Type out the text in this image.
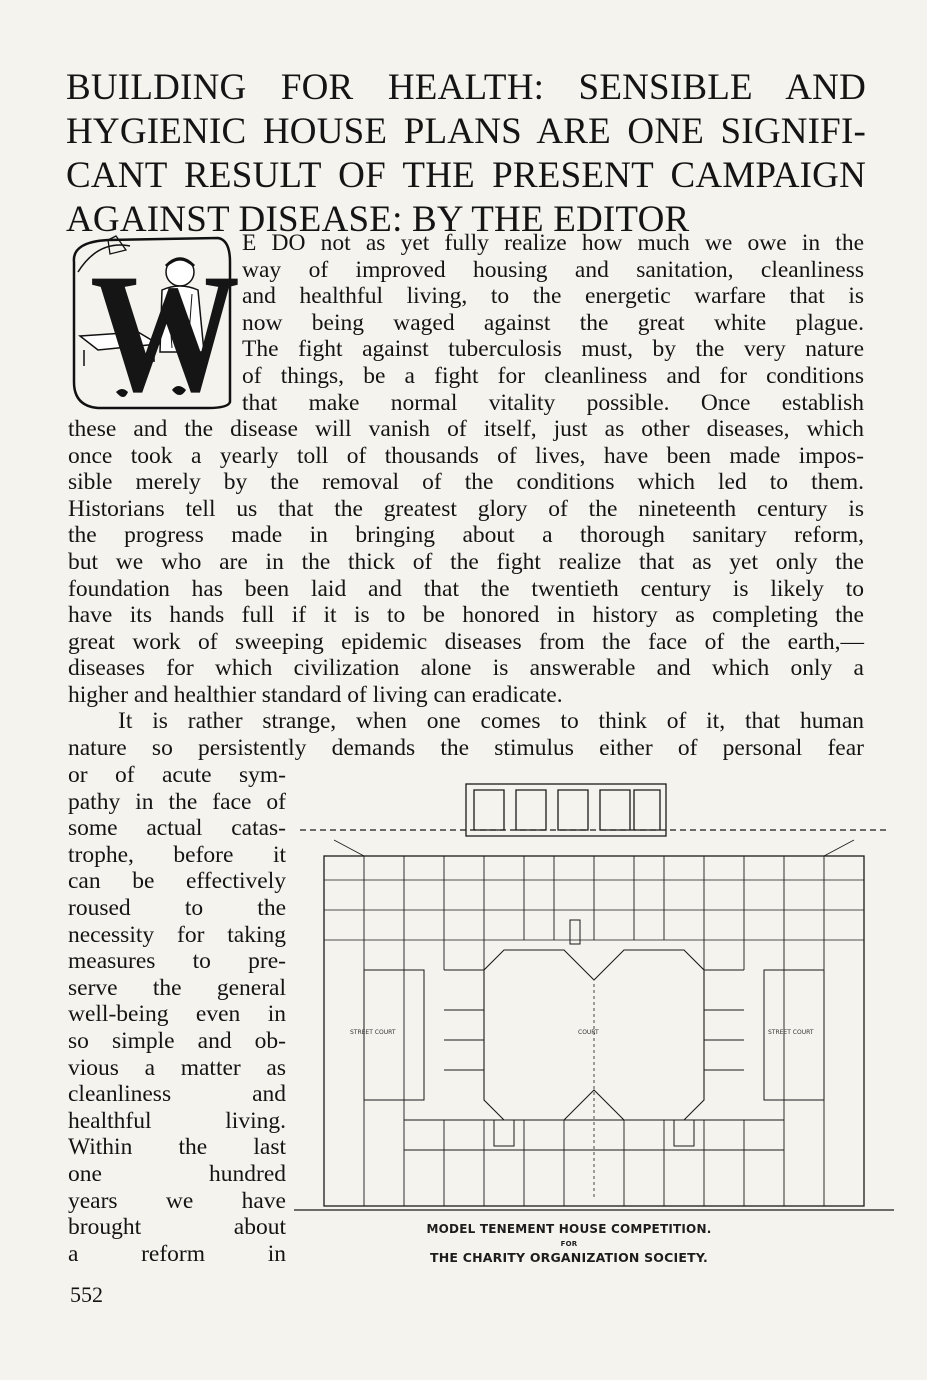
BUILDING FOR HEALTH: SENSIBLE AND
HYGIENIC HOUSE PLANS ARE ONE SIGNIFI-
CANT RESULT OF THE PRESENT CAMPAIGN
AGAINST DISEASE: BY THE EDITOR
W E DO not as yet fully realize how much we owe in the
way of improved housing and sanitation, cleanliness
and healthful living, to the energetic warfare that is
now being waged against the great white plague.
The fight against tuberculosis must, by the very nature
of things, be a fight for cleanliness and for conditions
that make normal vitality possible. Once establish
these and the disease will vanish of itself, just as other diseases, which
once took a yearly toll of thousands of lives, have been made impos-
sible merely by the removal of the conditions which led to them.
Historians tell us that the greatest glory of the nineteenth century is
the progress made in bringing about a thorough sanitary reform,
but we who are in the thick of the fight realize that as yet only the
foundation has been laid and that the twentieth century is likely to
have its hands full if it is to be honored in history as completing the
great work of sweeping epidemic diseases from the face of the earth,—
diseases for which civilization alone is answerable and which only a
higher and healthier standard of living can eradicate.
It is rather strange, when one comes to think of it, that human
nature so persistently demands the stimulus either of personal fear
or of acute sym-
pathy in the face of
some actual catas-
trophe, before it
can be effectively
roused to the
necessity for taking
measures to pre-
serve the general
well-being even in
so simple and ob-
vious a matter as
cleanliness and
healthful living.
Within the last
one hundred
years we have
brought about
a reform in
STREET COURT	COURT	STREET COURT
MODEL TENEMENT HOUSE COMPETITION.
FOR
THE CHARITY ORGANIZATION SOCIETY.
552
